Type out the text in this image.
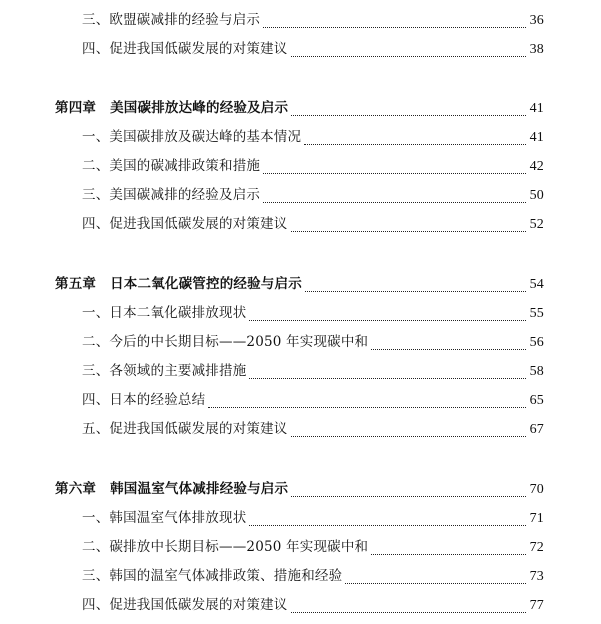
三、欧盟碳减排的经验与启示	36
四、促进我国低碳发展的对策建议	38
第四章 美国碳排放达峰的经验及启示	41
一、美国碳排放及碳达峰的基本情况	41
二、美国的碳减排政策和措施	42
三、美国碳减排的经验及启示	50
四、促进我国低碳发展的对策建议	52
第五章 日本二氧化碳管控的经验与启示	54
一、日本二氧化碳排放现状	55
二、今后的中长期目标——2050 年实现碳中和	56
三、各领域的主要减排措施	58
四、日本的经验总结	65
五、促进我国低碳发展的对策建议	67
第六章 韩国温室气体减排经验与启示	70
一、韩国温室气体排放现状	71
二、碳排放中长期目标——2050 年实现碳中和	72
三、韩国的温室气体减排政策、措施和经验	73
四、促进我国低碳发展的对策建议	77
